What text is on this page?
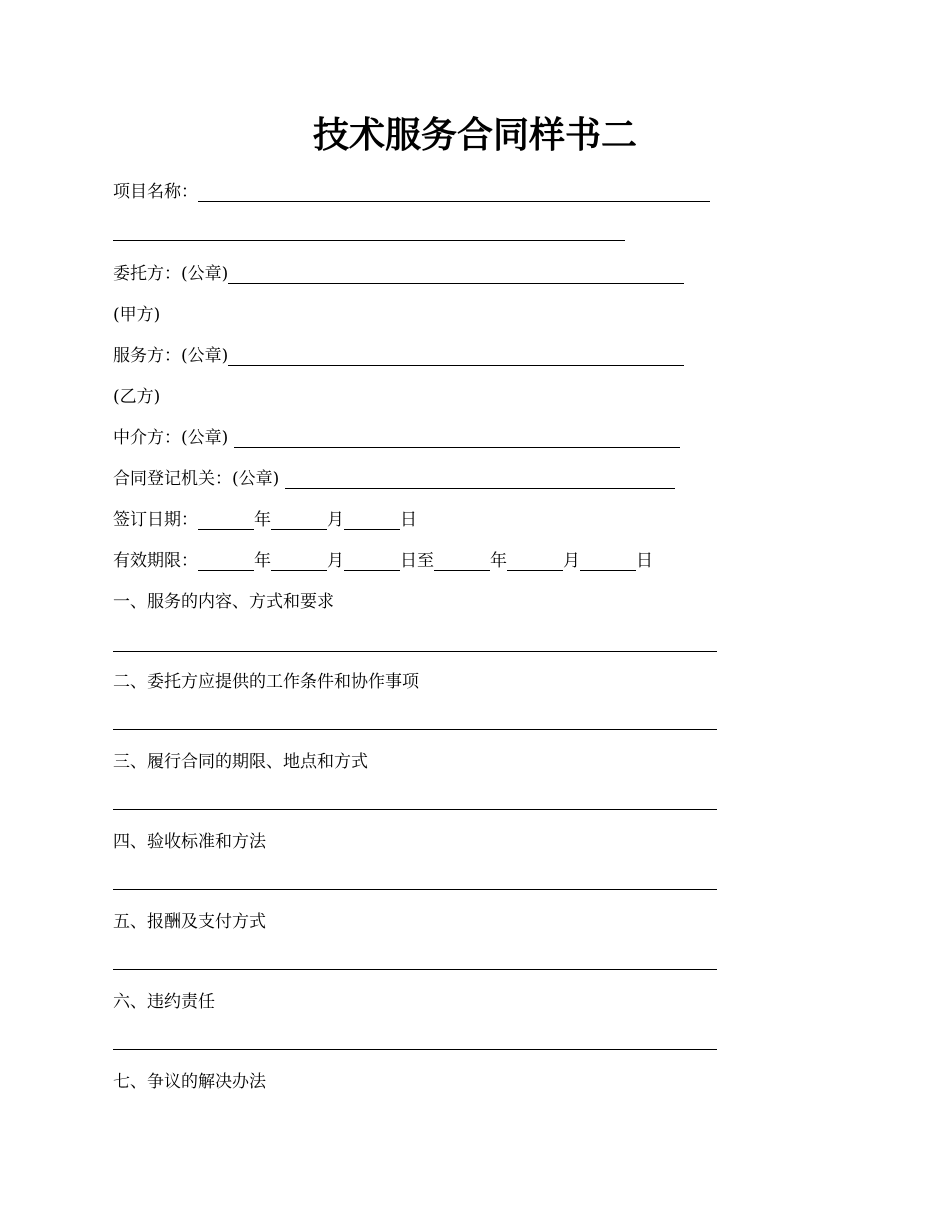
技术服务合同样书二
项目名称：
委托方：(公章)
(甲方)
服务方：(公章)
(乙方)
中介方：(公章)
合同登记机关：(公章)
签订日期：	年	月	日
有效期限：	年	月	日至	年	月	日
一、服务的内容、方式和要求
二、委托方应提供的工作条件和协作事项
三、履行合同的期限、地点和方式
四、验收标准和方法
五、报酬及支付方式
六、违约责任
七、争议的解决办法
